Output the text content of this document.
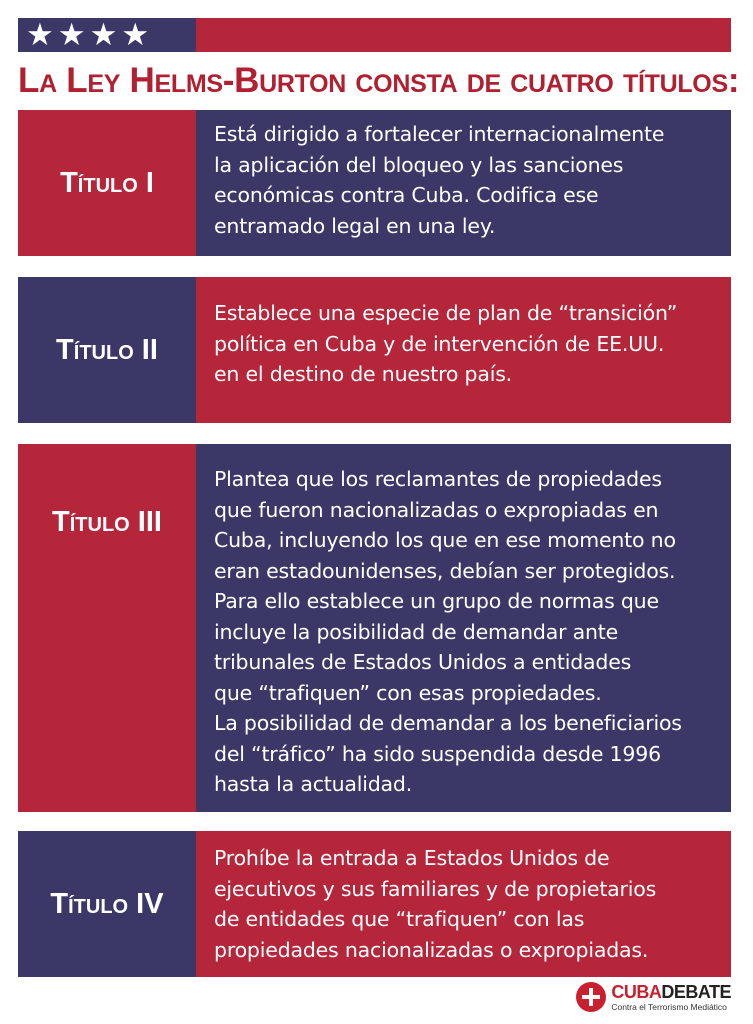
★ ★ ★ ★
La Ley Helms-Burton consta de cuatro títulos:
Título I

Está dirigido a fortalecer internacionalmente
la aplicación del bloqueo y las sanciones
económicas contra Cuba. Codifica ese
entramado legal en una ley.

Título II

Establece una especie de plan de “transición”
política en Cuba y de intervención de EE.UU.
en el destino de nuestro país.

Título III

Plantea que los reclamantes de propiedades
que fueron nacionalizadas o expropiadas en
Cuba, incluyendo los que en ese momento no
eran estadounidenses, debían ser protegidos.
Para ello establece un grupo de normas que
incluye la posibilidad de demandar ante
tribunales de Estados Unidos a entidades
que “trafiquen” con esas propiedades.
La posibilidad de demandar a los beneficiarios
del “tráfico” ha sido suspendida desde 1996
hasta la actualidad.

Título IV

Prohíbe la entrada a Estados Unidos de
ejecutivos y sus familiares y de propietarios
de entidades que “trafiquen” con las
propiedades nacionalizadas o expropiadas.

CUBADEBATE
Contra el Terrorismo Mediático
